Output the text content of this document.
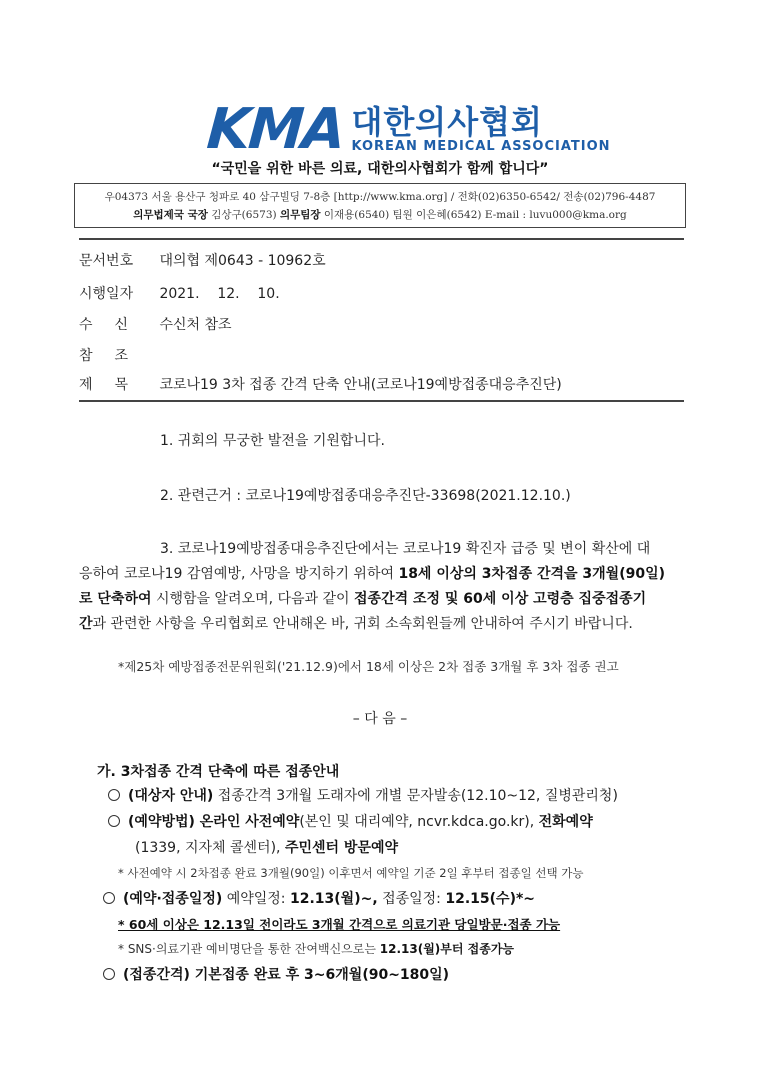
KMA 대한의사협회
KOREAN MEDICAL ASSOCIATION
“국민을 위한 바른 의료, 대한의사협회가 함께 합니다”
우04373 서울 용산구 청파로 40 삼구빌딩 7-8층 [http://www.kma.org] / 전화(02)6350-6542/ 전송(02)796-4487
의무법제국 국장 김상구(6573) 의무팀장 이재용(6540) 팀원 이은혜(6542) E-mail : luvu000@kma.org
문서번호 대의협 제0643 - 10962호
시행일자 2021.    12.    10.
수신 수신처 참조
참조
제목 코로나19 3차 접종 간격 단축 안내(코로나19예방접종대응추진단)
1. 귀회의 무궁한 발전을 기원합니다.
2. 관련근거 : 코로나19예방접종대응추진단-33698(2021.12.10.)
3. 코로나19예방접종대응추진단에서는 코로나19 확진자 급증 및 변이 확산에 대
응하여 코로나19 감염예방, 사망을 방지하기 위하여 18세 이상의 3차접종 간격을 3개월(90일)
로 단축하여 시행함을 알려오며, 다음과 같이 접종간격 조정 및 60세 이상 고령층 집중접종기
간과 관련한 사항을 우리협회로 안내해온 바, 귀회 소속회원들께 안내하여 주시기 바랍니다.
*제25차 예방접종전문위원회('21.12.9)에서 18세 이상은 2차 접종 3개월 후 3차 접종 권고
– 다 음 –
가. 3차접종 간격 단축에 따른 접종안내
(대상자 안내) 접종간격 3개월 도래자에 개별 문자발송(12.10~12, 질병관리청)
(예약방법) 온라인 사전예약(본인 및 대리예약, ncvr.kdca.go.kr), 전화예약
(1339, 지자체 콜센터), 주민센터 방문예약
* 사전예약 시 2차접종 완료 3개월(90일) 이후면서 예약일 기준 2일 후부터 접종일 선택 가능
(예약·접종일정) 예약일정: 12.13(월)~, 접종일정: 12.15(수)*~
* 60세 이상은 12.13일 전이라도 3개월 간격으로 의료기관 당일방문·접종 가능
* SNS·의료기관 예비명단을 통한 잔여백신으로는 12.13(월)부터 접종가능
(접종간격) 기본접종 완료 후 3~6개월(90~180일)
